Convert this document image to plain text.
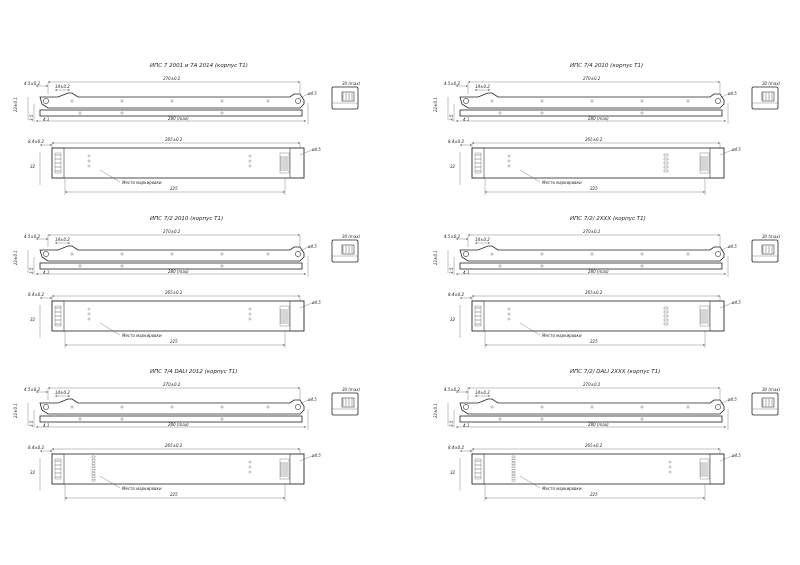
ИПС 7 2001 и 7А 2014 (корпус T1)
270±0.2
4.5±0.2
14±0.2
22±0.1
3.5 4.1
ø4.5
280 (max)
30 (max)
265±0.2
8.4±0.2
ø4.5
32
Место маркировки
225
ИПС 7/4 2010 (корпус T1)
270±0.2
4.5±0.2
14±0.2
22±0.1
3.5 4.1
ø4.5
280 (max)
30 (max)
265±0.2
8.4±0.2
ø4.5
32
Место маркировки
225
ИПС 7/2 2010 (корпус T1)
270±0.2
4.5±0.2
14±0.2
22±0.1
3.5 4.1
ø4.5
280 (max)
30 (max)
265±0.2
8.4±0.2
ø4.5
32
Место маркировки
225
ИПС 7/2/ 2XXX (корпус T1)
270±0.2
4.5±0.2
14±0.2
22±0.1
3.5 4.1
ø4.5
280 (max)
30 (max)
265±0.2
8.4±0.2
ø4.5
32
Место маркировки
225
ИПС 7/4 DALI 2012 (корпус T1)
270±0.2
4.5±0.2
14±0.2
22±0.1
3.5 4.1
ø4.5
280 (max)
30 (max)
265±0.2
8.4±0.2
ø4.5
32
Место маркировки
225
ИПС 7/2/ DALI 2XXX (корпус T1)
270±0.2
4.5±0.2
14±0.2
22±0.1
3.5 4.1
ø4.5
280 (max)
30 (max)
265±0.2
8.4±0.2
ø4.5
32
Место маркировки
225
